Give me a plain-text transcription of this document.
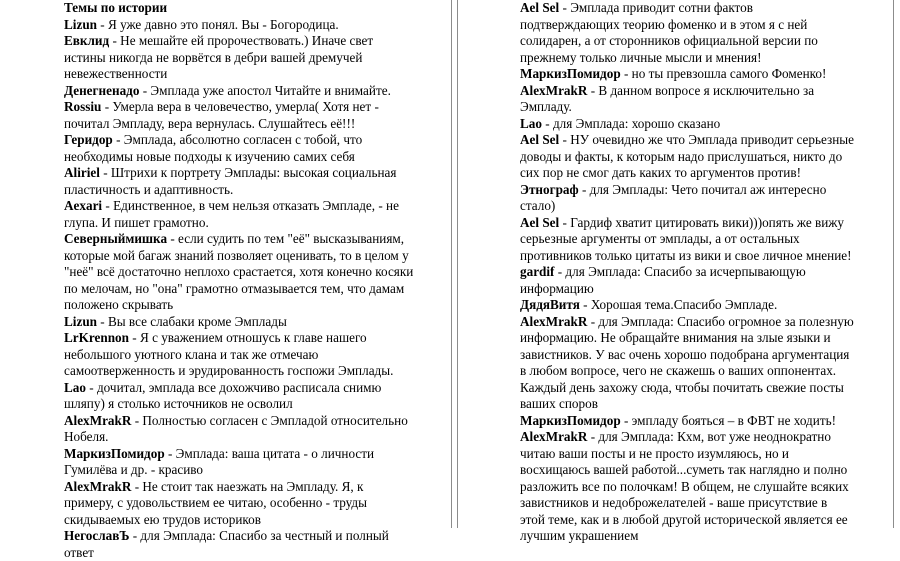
Темы по истории

Lizun - Я уже давно это понял. Вы - Богородица.

Евклид - Не мешайте ей пророчествовать.) Иначе свет истины никогда не ворвётся в дебри вашей дремучей невежественности

Денегненадо - Эмплада уже апостол Читайте и внимайте.

Rossiu - Умерла вера в человечество, умерла( Хотя нет - почитал Эмпладу, вера вернулась. Слушайтесь её!!!

Геридор - Эмплада, абсолютно согласен с тобой, что необходимы новые подходы к изучению самих себя

Aliriel - Штрихи к портрету Эмплады: высокая социальная пластичность и адаптивность.

Aexari - Единственное, в чем нельзя отказать Эмпладе, - не глупа. И пишет грамотно.

Северныймишка - если судить по тем "её" высказываниям, которые мой багаж знаний позволяет оценивать, то в целом у "неё" всё достаточно неплохо срастается, хотя конечно косяки по мелочам, но "она" грамотно отмазывается тем, что дамам положено скрывать

Lizun - Вы все слабаки кроме Эмплады

LrKrennon - Я с уважением отношусь к главе нашего небольшого уютного клана и так же отмечаю самоотверженность и эрудированность госпожи Эмплады.

Lao - дочитал, эмплада все дохожчиво расписала снимю шляпу) я столько источников не осволил

AlexMrakR - Полностью согласен с Эмпладой относительно Нобеля.

МаркизПомидор - Эмплада: ваша цитата - о личности Гумилёва и др. - красиво

AlexMrakR - Не стоит так наезжать на Эмпладу. Я, к примеру, с удовольствием ее читаю, особенно - труды скидываемых ею трудов историков

НегославЪ - для Эмплада: Спасибо за честный и полный ответ

Ael Sel - Эмплада приводит сотни фактов подтверждающих теорию фоменко и в этом я с ней солидарен, а от сторонников официальной версии по прежнему только личные мысли и мнения!

МаркизПомидор - но ты превзошла самого Фоменко!

AlexMrakR - В данном вопросе я исключительно за Эмпладу.

Lao - для Эмплада: хорошо сказано

Ael Sel - НУ очевидно же что Эмплада приводит серьезные доводы и факты, к которым надо прислушаться, никто до сих пор не смог дать каких то аргументов против!

Этнограф - для Эмплады: Чето почитал аж интересно стало)

Ael Sel - Гардиф хватит цитировать вики)))опять же вижу серьезные аргументы от эмплады, а от остальных противников только цитаты из вики и свое личное мнение!

gardif - для Эмплада: Спасибо за исчерпывающую информацию

ДядяВитя - Хорошая тема.Спасибо Эмпладе.

AlexMrakR - для Эмплада: Спасибо огромное за полезную информацию. Не обращайте внимания на злые языки и завистников. У вас очень хорошо подобрана аргументация в любом вопросе, чего не скажешь о ваших оппонентах. Каждый день захожу сюда, чтобы почитать свежие посты ваших споров

МаркизПомидор - эмпладу бояться – в ФВТ не ходить!

AlexMrakR - для Эмплада: Кхм, вот уже неоднократно читаю ваши посты и не просто изумляюсь, но и восхищаюсь вашей работой...суметь так наглядно и полно разложить все по полочкам! В общем, не слушайте всяких завистников и недоброжелателей - ваше присутствие в этой теме, как и в любой другой исторической является ее лучшим украшением
